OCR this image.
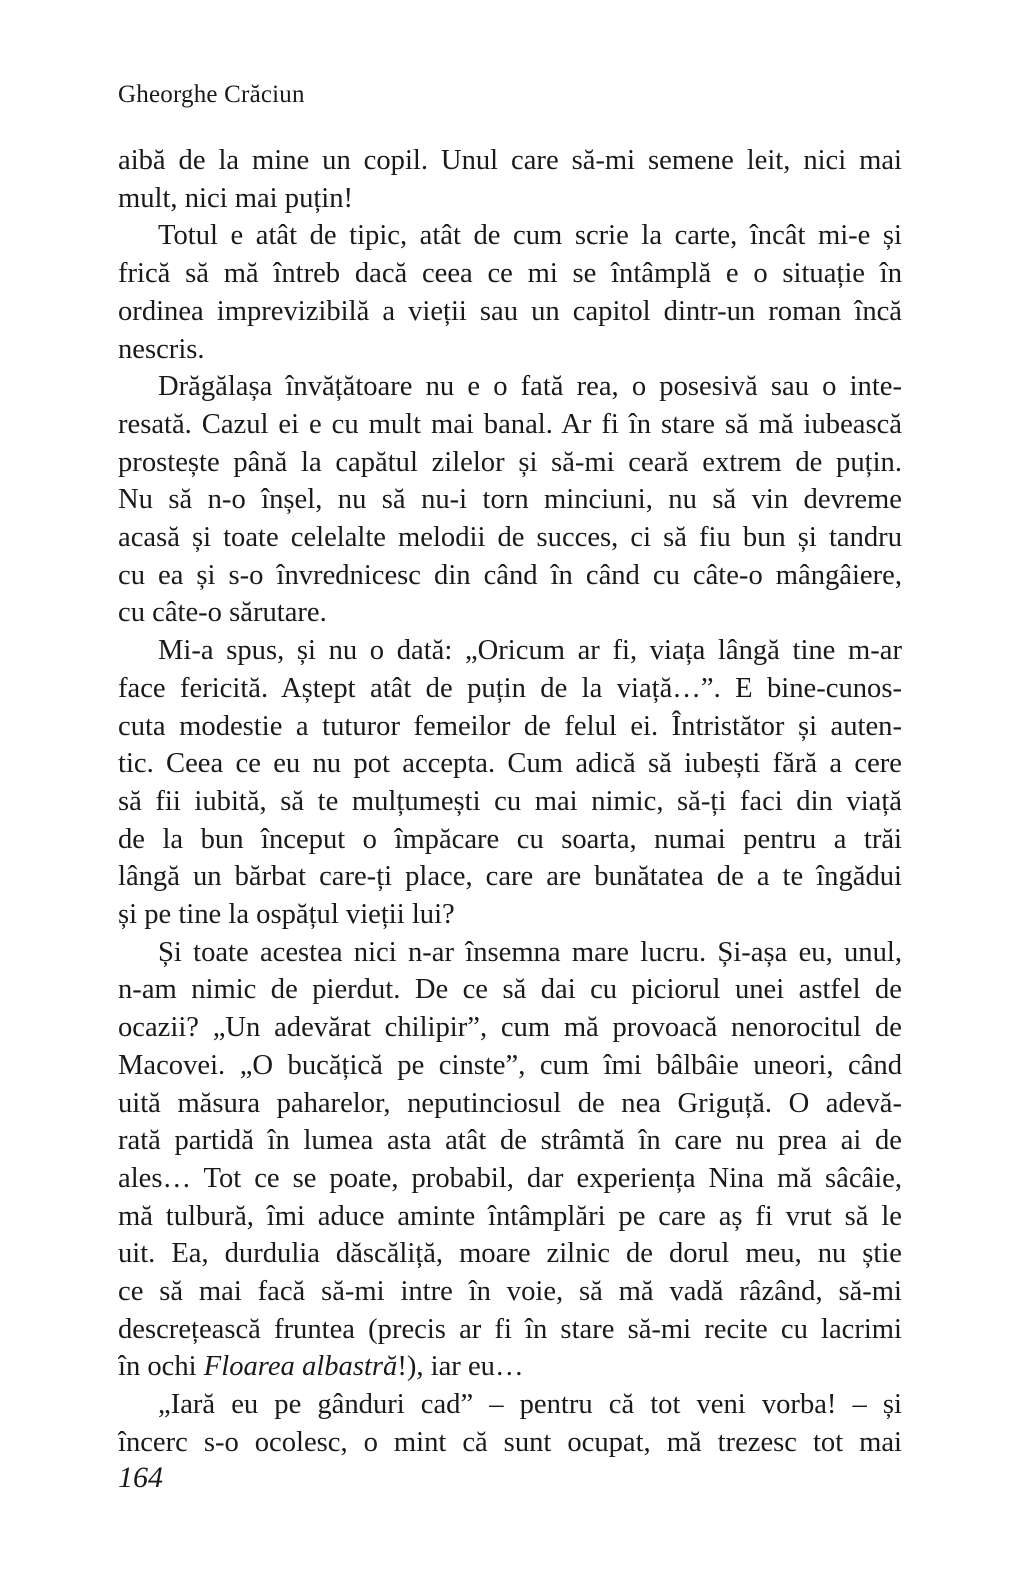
Gheorghe Crăciun
aibă de la mine un copil. Unul care să-mi semene leit, nici mai
mult, nici mai puțin!
Totul e atât de tipic, atât de cum scrie la carte, încât mi-e și
frică să mă întreb dacă ceea ce mi se întâmplă e o situație în
ordinea imprevizibilă a vieții sau un capitol dintr-un roman încă
nescris.
Drăgălașa învățătoare nu e o fată rea, o posesivă sau o inte-
resată. Cazul ei e cu mult mai banal. Ar fi în stare să mă iubească
prostește până la capătul zilelor și să-mi ceară extrem de puțin.
Nu să n-o înșel, nu să nu-i torn minciuni, nu să vin devreme
acasă și toate celelalte melodii de succes, ci să fiu bun și tandru
cu ea și s-o învrednicesc din când în când cu câte-o mângâiere,
cu câte-o sărutare.
Mi-a spus, și nu o dată: „Oricum ar fi, viața lângă tine m-ar
face fericită. Aștept atât de puțin de la viață…”. E bine-cunos-
cuta modestie a tuturor femeilor de felul ei. Întristător și auten-
tic. Ceea ce eu nu pot accepta. Cum adică să iubești fără a cere
să fii iubită, să te mulțumești cu mai nimic, să-ți faci din viață
de la bun început o împăcare cu soarta, numai pentru a trăi
lângă un bărbat care-ți place, care are bunătatea de a te îngădui
și pe tine la ospățul vieții lui?
Și toate acestea nici n-ar însemna mare lucru. Și-așa eu, unul,
n-am nimic de pierdut. De ce să dai cu piciorul unei astfel de
ocazii? „Un adevărat chilipir”, cum mă provoacă nenorocitul de
Macovei. „O bucățică pe cinste”, cum îmi bâlbâie uneori, când
uită măsura paharelor, neputinciosul de nea Griguță. O adevă-
rată partidă în lumea asta atât de strâmtă în care nu prea ai de
ales… Tot ce se poate, probabil, dar experiența Nina mă sâcâie,
mă tulbură, îmi aduce aminte întâmplări pe care aș fi vrut să le
uit. Ea, durdulia dăscăliță, moare zilnic de dorul meu, nu știe
ce să mai facă să-mi intre în voie, să mă vadă râzând, să-mi
descrețească fruntea (precis ar fi în stare să-mi recite cu lacrimi
în ochi Floarea albastră!), iar eu…
„Iară eu pe gânduri cad” – pentru că tot veni vorba! – și
încerc s-o ocolesc, o mint că sunt ocupat, mă trezesc tot mai
164
